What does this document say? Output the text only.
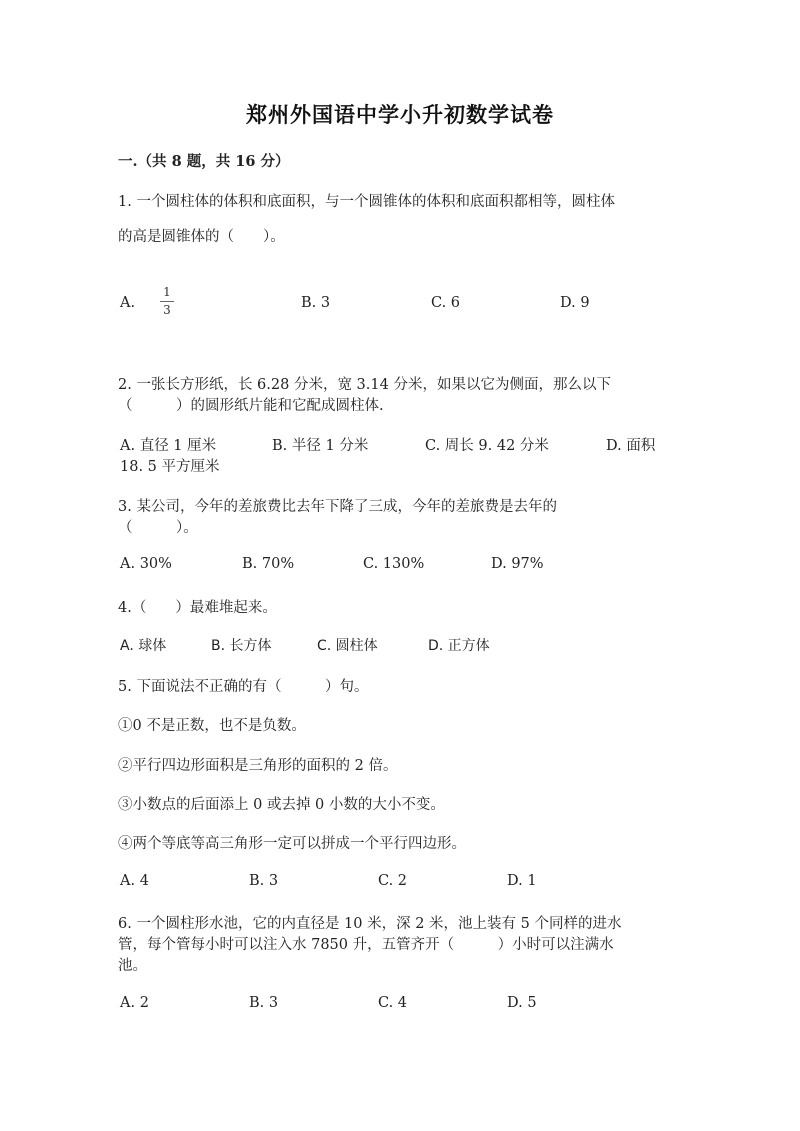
郑州外国语中学小升初数学试卷
一.（共 8 题，共 16 分）
1. 一个圆柱体的体积和底面积，与一个圆锥体的体积和底面积都相等，圆柱体
的高是圆锥体的（　　）。
A.
1
3	B. 3	C. 6	D. 9
2. 一张长方形纸，长 6.28 分米，宽 3.14 分米，如果以它为侧面，那么以下
（　　　）的圆形纸片能和它配成圆柱体.
A. 直径 1 厘米	B. 半径 1 分米	C. 周长 9. 42 分米	D. 面积
18. 5 平方厘米
3. 某公司，今年的差旅费比去年下降了三成，今年的差旅费是去年的
（　　　）。
A. 30%	B. 70%	C. 130%	D. 97%
4.（　　）最难堆起来。
A. 球体	B. 长方体	C. 圆柱体	D. 正方体
5. 下面说法不正确的有（　　　）句。
①0 不是正数，也不是负数。
②平行四边形面积是三角形的面积的 2 倍。
③小数点的后面添上 0 或去掉 0 小数的大小不变。
④两个等底等高三角形一定可以拼成一个平行四边形。
A. 4	B. 3	C. 2	D. 1
6. 一个圆柱形水池，它的内直径是 10 米，深 2 米，池上装有 5 个同样的进水
管，每个管每小时可以注入水 7850 升，五管齐开（　　　）小时可以注满水
池。
A. 2	B. 3	C. 4	D. 5
